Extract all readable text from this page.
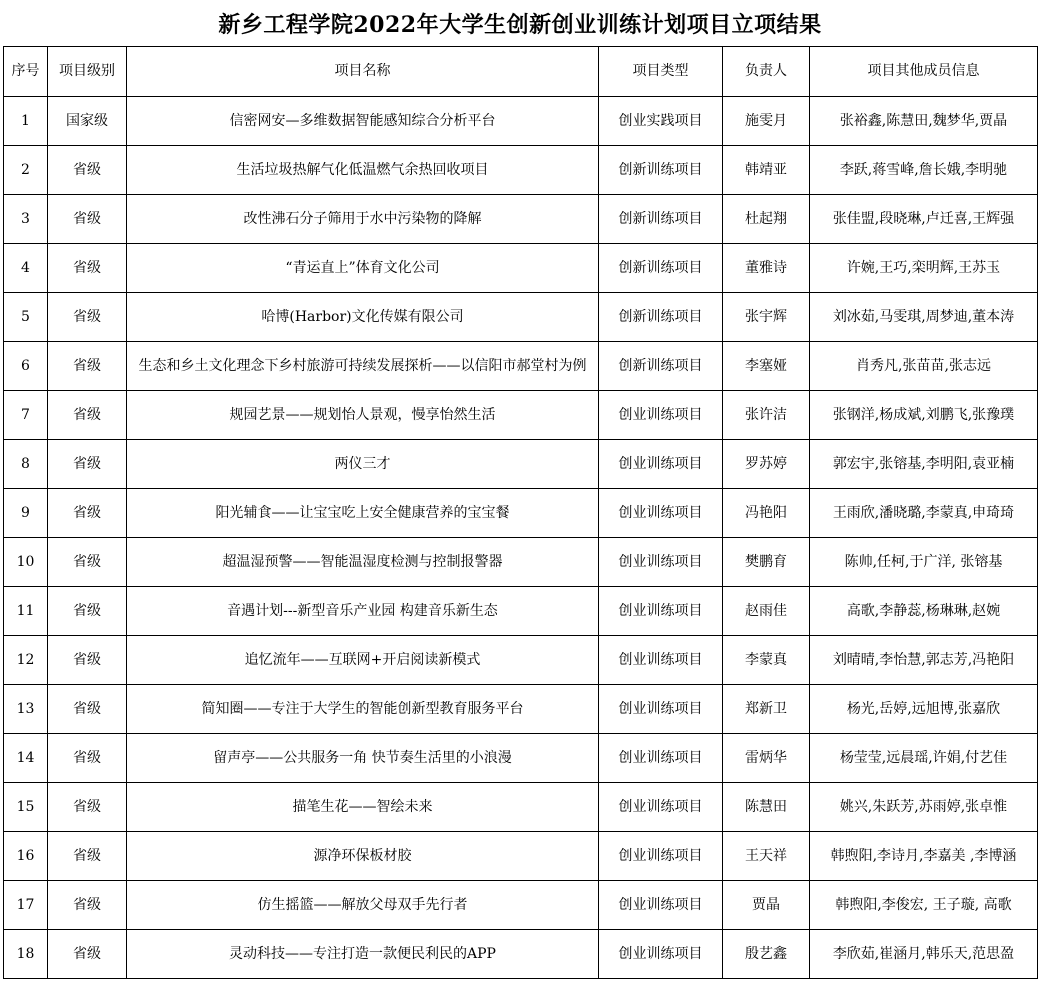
新乡工程学院2022年大学生创新创业训练计划项目立项结果
序号	项目级别	项目名称	项目类型	负责人	项目其他成员信息
1	国家级	信密网安—多维数据智能感知综合分析平台	创业实践项目	施雯月	张裕鑫,陈慧田,魏梦华,贾晶
2	省级	生活垃圾热解气化低温燃气余热回收项目	创新训练项目	韩靖亚	李跃,蒋雪峰,詹长娥,李明驰
3	省级	改性沸石分子筛用于水中污染物的降解	创新训练项目	杜起翔	张佳盟,段晓琳,卢迁喜,王辉强
4	省级	“青运直上”体育文化公司	创新训练项目	董雅诗	许婉,王巧,栾明辉,王苏玉
5	省级	哈博(Harbor)文化传媒有限公司	创新训练项目	张宇辉	刘冰茹,马雯琪,周梦迪,董本涛
6	省级	生态和乡土文化理念下乡村旅游可持续发展探析——以信阳市郝堂村为例	创新训练项目	李塞娅	肖秀凡,张苗苗,张志远
7	省级	规园艺景——规划怡人景观，慢享怡然生活	创业训练项目	张许洁	张钢洋,杨成斌,刘鹏飞,张豫璞
8	省级	两仪三才	创业训练项目	罗苏婷	郭宏宇,张镕基,李明阳,袁亚楠
9	省级	阳光辅食——让宝宝吃上安全健康营养的宝宝餐	创业训练项目	冯艳阳	王雨欣,潘晓璐,李蒙真,申琦琦
10	省级	超温湿预警——智能温湿度检测与控制报警器	创业训练项目	樊鹏育	陈帅,任柯,于广洋, 张镕基
11	省级	音遇计划---新型音乐产业园 构建音乐新生态	创业训练项目	赵雨佳	高歌,李静蕊,杨琳琳,赵婉
12	省级	追忆流年——互联网+开启阅读新模式	创业训练项目	李蒙真	刘晴晴,李怡慧,郭志芳,冯艳阳
13	省级	简知圈——专注于大学生的智能创新型教育服务平台	创业训练项目	郑新卫	杨光,岳婷,远旭博,张嘉欣
14	省级	留声亭——公共服务一角 快节奏生活里的小浪漫	创业训练项目	雷炳华	杨莹莹,远晨瑶,许娟,付艺佳
15	省级	描笔生花——智绘未来	创业训练项目	陈慧田	姚兴,朱跃芳,苏雨婷,张卓惟
16	省级	源净环保板材胶	创业训练项目	王天祥	韩煦阳,李诗月,李嘉美 ,李博涵
17	省级	仿生摇篮——解放父母双手先行者	创业训练项目	贾晶	韩煦阳,李俊宏, 王子璇, 高歌
18	省级	灵动科技——专注打造一款便民利民的APP	创业训练项目	殷艺鑫	李欣茹,崔涵月,韩乐天,范思盈
